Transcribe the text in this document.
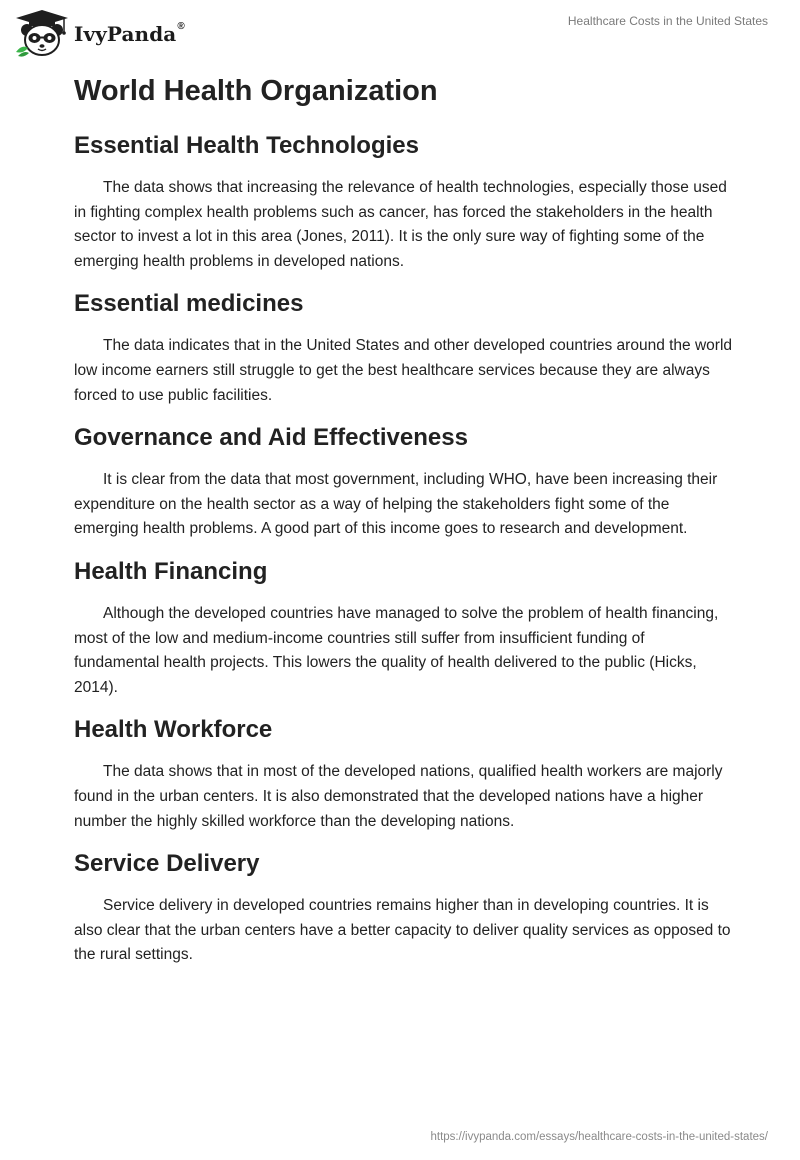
IvyPanda®	Healthcare Costs in the United States
World Health Organization
Essential Health Technologies

The data shows that increasing the relevance of health technologies, especially those used in fighting complex health problems such as cancer, has forced the stakeholders in the health sector to invest a lot in this area (Jones, 2011). It is the only sure way of fighting some of the emerging health problems in developed nations.

Essential medicines

The data indicates that in the United States and other developed countries around the world low income earners still struggle to get the best healthcare services because they are always forced to use public facilities.

Governance and Aid Effectiveness

It is clear from the data that most government, including WHO, have been increasing their expenditure on the health sector as a way of helping the stakeholders fight some of the emerging health problems. A good part of this income goes to research and development.

Health Financing

Although the developed countries have managed to solve the problem of health financing, most of the low and medium-income countries still suffer from insufficient funding of fundamental health projects. This lowers the quality of health delivered to the public (Hicks, 2014).

Health Workforce

The data shows that in most of the developed nations, qualified health workers are majorly found in the urban centers. It is also demonstrated that the developed nations have a higher number the highly skilled workforce than the developing nations.

Service Delivery

Service delivery in developed countries remains higher than in developing countries. It is also clear that the urban centers have a better capacity to deliver quality services as opposed to the rural settings.

https://ivypanda.com/essays/healthcare-costs-in-the-united-states/
